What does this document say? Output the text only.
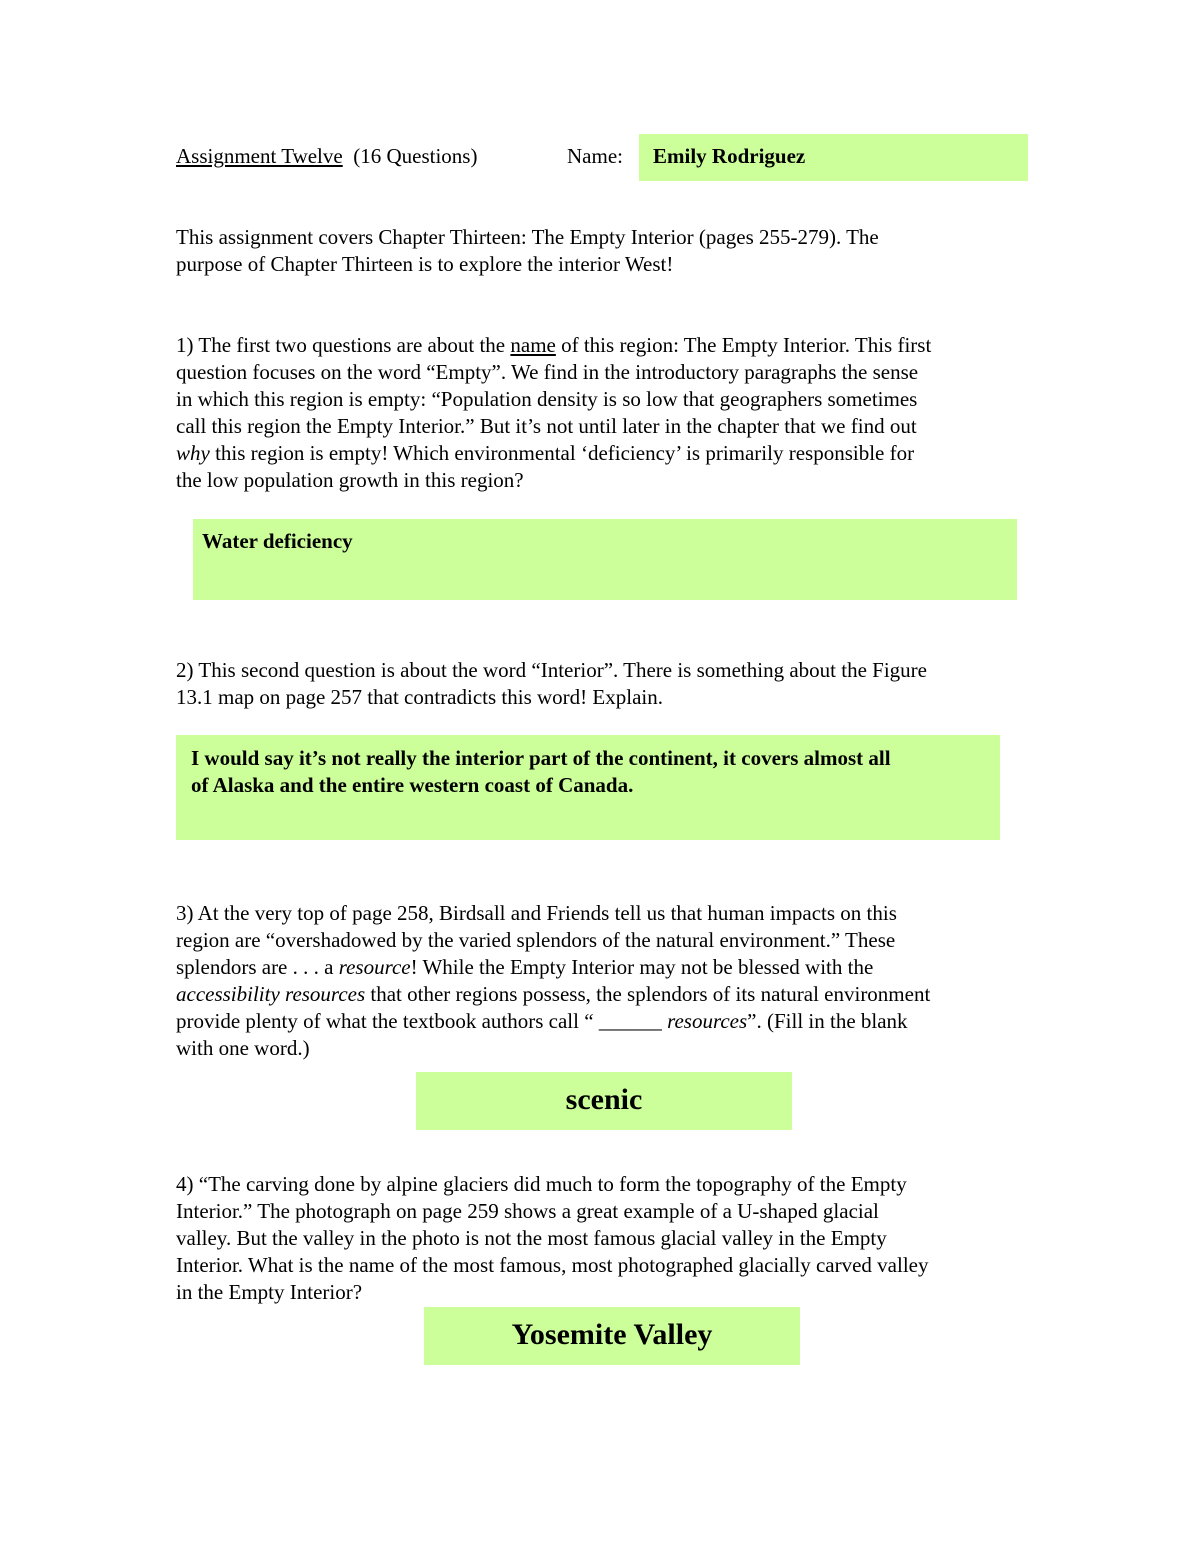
Assignment Twelve (16 Questions)	Name: Emily Rodriguez
This assignment covers Chapter Thirteen: The Empty Interior (pages 255-279). The
purpose of Chapter Thirteen is to explore the interior West!
1) The first two questions are about the name of this region: The Empty Interior. This first
question focuses on the word “Empty”. We find in the introductory paragraphs the sense
in which this region is empty: “Population density is so low that geographers sometimes
call this region the Empty Interior.” But it’s not until later in the chapter that we find out
why this region is empty! Which environmental ‘deficiency’ is primarily responsible for
the low population growth in this region?
Water deficiency
2) This second question is about the word “Interior”. There is something about the Figure
13.1 map on page 257 that contradicts this word! Explain.
I would say it’s not really the interior part of the continent, it covers almost all
of Alaska and the entire western coast of Canada.
3) At the very top of page 258, Birdsall and Friends tell us that human impacts on this
region are “overshadowed by the varied splendors of the natural environment.” These
splendors are . . . a resource! While the Empty Interior may not be blessed with the
accessibility resources that other regions possess, the splendors of its natural environment
provide plenty of what the textbook authors call “ ______ resources”. (Fill in the blank
with one word.)
scenic
4) “The carving done by alpine glaciers did much to form the topography of the Empty
Interior.” The photograph on page 259 shows a great example of a U-shaped glacial
valley. But the valley in the photo is not the most famous glacial valley in the Empty
Interior. What is the name of the most famous, most photographed glacially carved valley
in the Empty Interior?
Yosemite Valley
